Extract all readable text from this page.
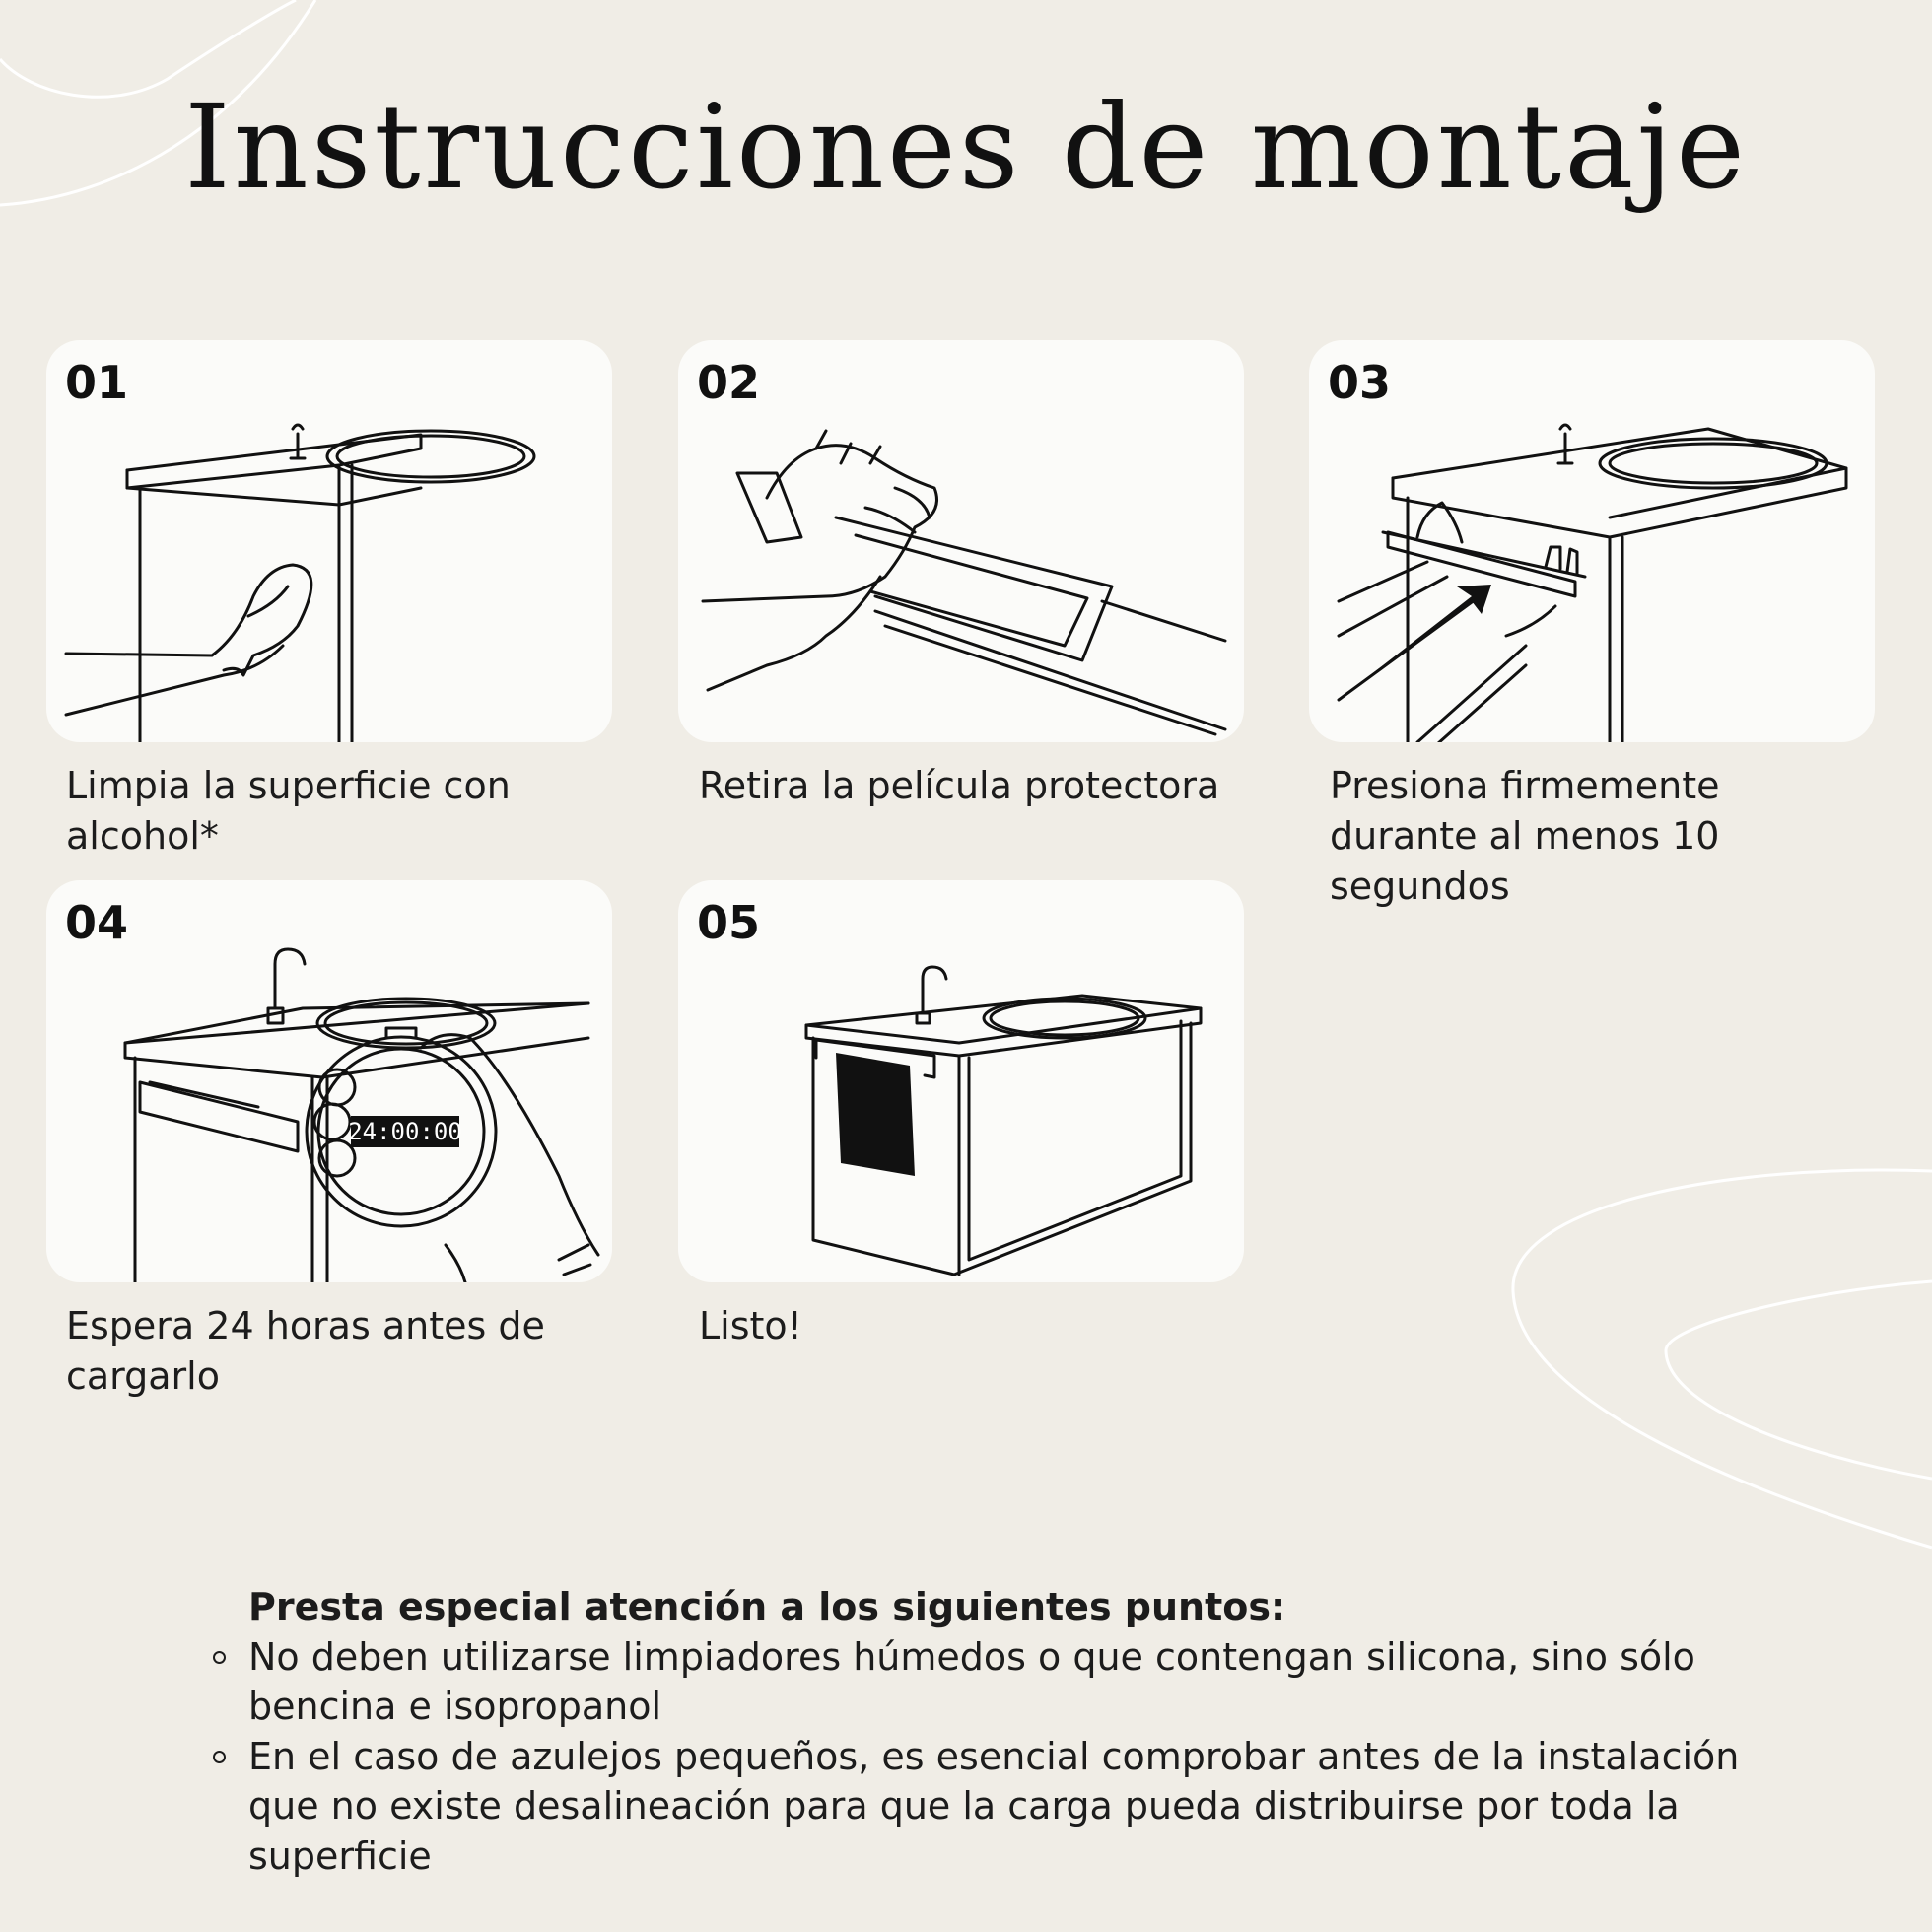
Instrucciones de montaje
01
Limpia la superficie con alcohol*
02
Retira la película protectora
03
Presiona firmemente durante al menos 10 segundos
24:00:00
04
Espera 24 horas antes de cargarlo
05
Listo!
Presta especial atención a los siguientes puntos:
No deben utilizarse limpiadores húmedos o que contengan silicona, sino sólo bencina e isopropanol
En el caso de azulejos pequeños, es esencial comprobar antes de la instalación que no existe desalineación para que la carga pueda distribuirse por toda la superficie
